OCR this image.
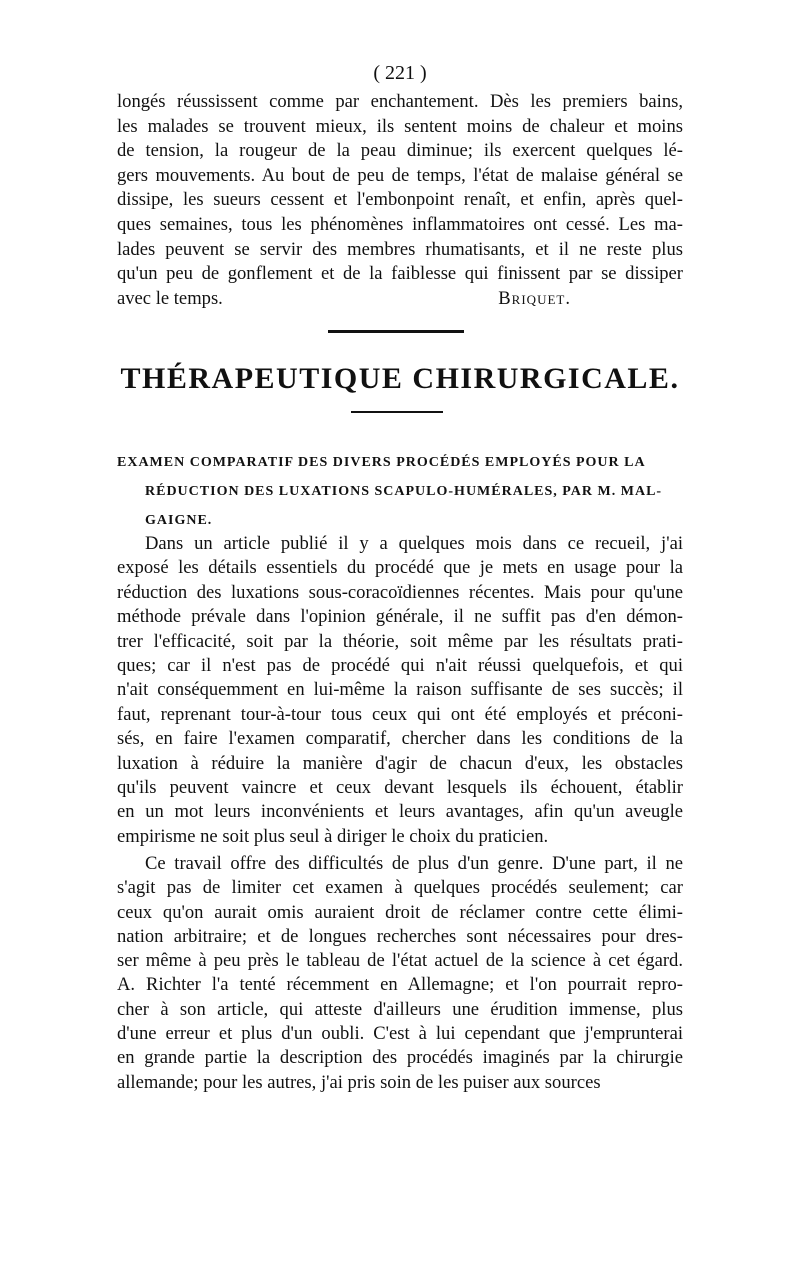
( 221 )
longés réussissent comme par enchantement. Dès les premiers bains,
les malades se trouvent mieux, ils sentent moins de chaleur et moins
de tension, la rougeur de la peau diminue; ils exercent quelques lé-
gers mouvements. Au bout de peu de temps, l'état de malaise général se
dissipe, les sueurs cessent et l'embonpoint renaît, et enfin, après quel-
ques semaines, tous les phénomènes inflammatoires ont cessé. Les ma-
lades peuvent se servir des membres rhumatisants, et il ne reste plus
qu'un peu de gonflement et de la faiblesse qui finissent par se dissiper
avec le temps.	Briquet.
THÉRAPEUTIQUE CHIRURGICALE.
EXAMEN COMPARATIF DES DIVERS PROCÉDÉS EMPLOYÉS POUR LA
RÉDUCTION DES LUXATIONS SCAPULO-HUMÉRALES, PAR M. MAL-
GAIGNE.
Dans un article publié il y a quelques mois dans ce recueil, j'ai
exposé les détails essentiels du procédé que je mets en usage pour la
réduction des luxations sous-coracoïdiennes récentes. Mais pour qu'une
méthode prévale dans l'opinion générale, il ne suffit pas d'en démon-
trer l'efficacité, soit par la théorie, soit même par les résultats prati-
ques; car il n'est pas de procédé qui n'ait réussi quelquefois, et qui
n'ait conséquemment en lui-même la raison suffisante de ses succès; il
faut, reprenant tour-à-tour tous ceux qui ont été employés et préconi-
sés, en faire l'examen comparatif, chercher dans les conditions de la
luxation à réduire la manière d'agir de chacun d'eux, les obstacles
qu'ils peuvent vaincre et ceux devant lesquels ils échouent, établir
en un mot leurs inconvénients et leurs avantages, afin qu'un aveugle
empirisme ne soit plus seul à diriger le choix du praticien.
Ce travail offre des difficultés de plus d'un genre. D'une part, il ne
s'agit pas de limiter cet examen à quelques procédés seulement; car
ceux qu'on aurait omis auraient droit de réclamer contre cette élimi-
nation arbitraire; et de longues recherches sont nécessaires pour dres-
ser même à peu près le tableau de l'état actuel de la science à cet égard.
A. Richter l'a tenté récemment en Allemagne; et l'on pourrait repro-
cher à son article, qui atteste d'ailleurs une érudition immense, plus
d'une erreur et plus d'un oubli. C'est à lui cependant que j'emprunterai
en grande partie la description des procédés imaginés par la chirurgie
allemande; pour les autres, j'ai pris soin de les puiser aux sources
